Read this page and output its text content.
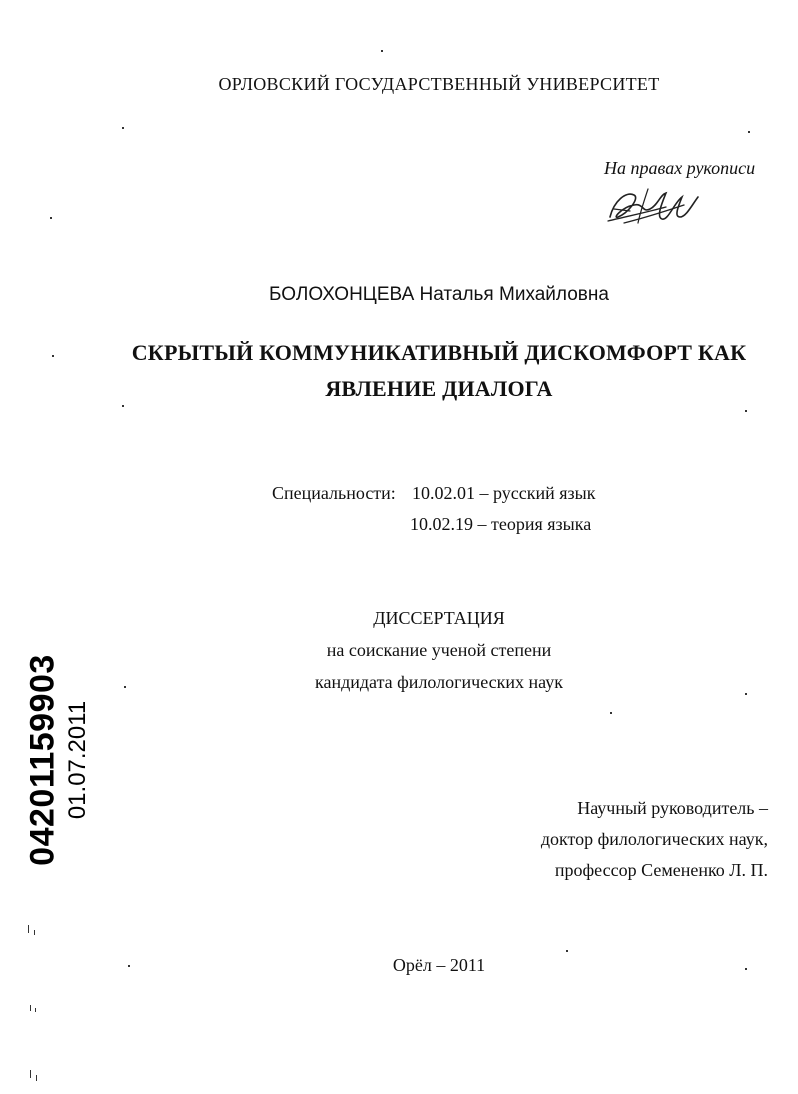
ОРЛОВСКИЙ ГОСУДАРСТВЕННЫЙ УНИВЕРСИТЕТ
На правах рукописи
БОЛОХОНЦЕВА Наталья Михайловна
СКРЫТЫЙ КОММУНИКАТИВНЫЙ ДИСКОМФОРТ КАК
ЯВЛЕНИЕ ДИАЛОГА
Специальности: 10.02.01 – русский язык
10.02.19 – теория языка
ДИССЕРТАЦИЯ
на соискание ученой степени
кандидата филологических наук
Научный руководитель –
доктор филологических наук,
профессор Семененко Л. П.
Орёл – 2011
04201159903 01.07.2011
